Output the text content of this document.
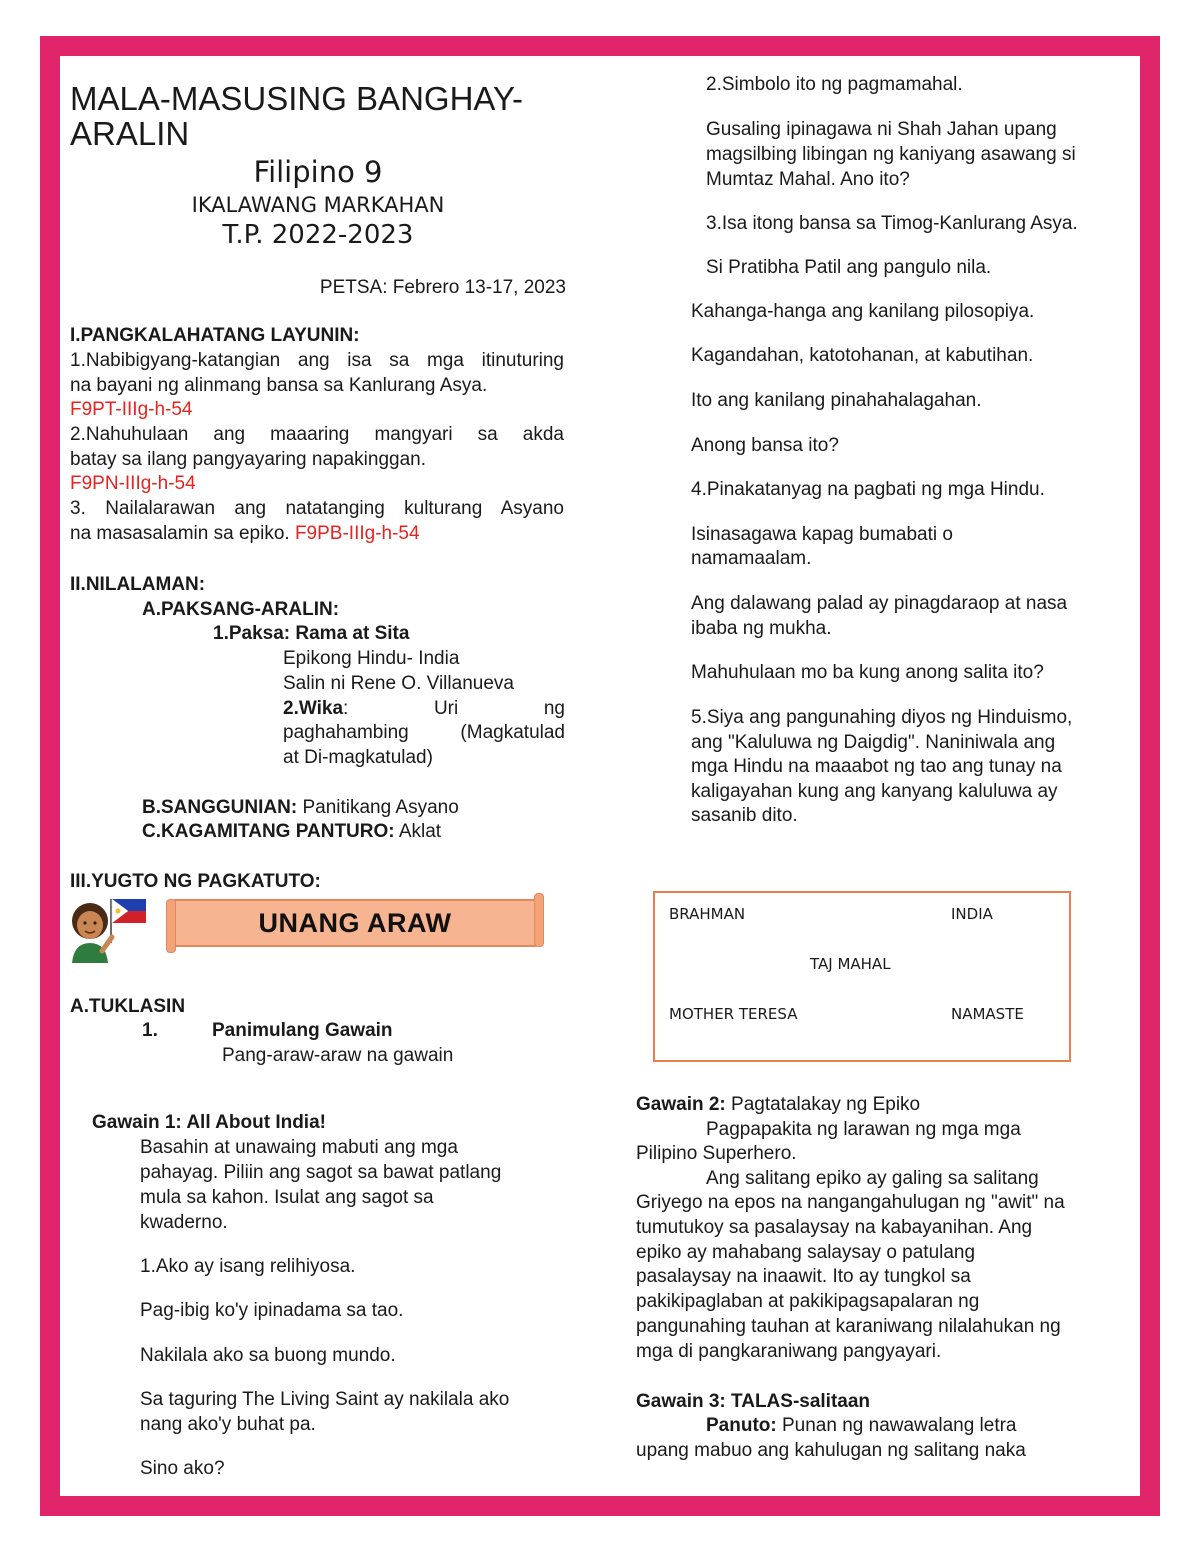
MALA-MASUSING BANGHAY-
ARALIN
Filipino 9
IKALAWANG MARKAHAN
T.P. 2022-2023
PETSA: Febrero 13-17, 2023
I.PANGKALAHATANG LAYUNIN:
1.Nabibigyang-katangian ang isa sa mga itinuturing
na bayani ng alinmang bansa sa Kanlurang Asya.
F9PT-IIIg-h-54
2.Nahuhulaan ang maaaring mangyari sa akda
batay sa ilang pangyayaring napakinggan.
F9PN-IIIg-h-54
3. Nailalarawan ang natatanging kulturang Asyano
na masasalamin sa epiko. F9PB-IIIg-h-54
II.NILALAMAN:
A.PAKSANG-ARALIN:
1.Paksa: Rama at Sita
Epikong Hindu- India
Salin ni Rene O. Villanueva
2.Wika: Uri ng
paghahambing (Magkatulad
at Di-magkatulad)
B.SANGGUNIAN: Panitikang Asyano
C.KAGAMITANG PANTURO: Aklat
III.YUGTO NG PAGKATUTO:
UNANG ARAW
A.TUKLASIN
1.	Panimulang Gawain
Pang-araw-araw na gawain
Gawain 1: All About India!
Basahin at unawaing mabuti ang mga
pahayag. Piliin ang sagot sa bawat patlang
mula sa kahon. Isulat ang sagot sa
kwaderno.
1.Ako ay isang relihiyosa.
Pag-ibig ko'y ipinadama sa tao.
Nakilala ako sa buong mundo.
Sa taguring The Living Saint ay nakilala ako
nang ako'y buhat pa.
Sino ako?
2.Simbolo ito ng pagmamahal.
Gusaling ipinagawa ni Shah Jahan upang
magsilbing libingan ng kaniyang asawang si
Mumtaz Mahal. Ano ito?
3.Isa itong bansa sa Timog-Kanlurang Asya.
Si Pratibha Patil ang pangulo nila.
Kahanga-hanga ang kanilang pilosopiya.
Kagandahan, katotohanan, at kabutihan.
Ito ang kanilang pinahahalagahan.
Anong bansa ito?
4.Pinakatanyag na pagbati ng mga Hindu.
Isinasagawa kapag bumabati o
namamaalam.
Ang dalawang palad ay pinagdaraop at nasa
ibaba ng mukha.
Mahuhulaan mo ba kung anong salita ito?
5.Siya ang pangunahing diyos ng Hinduismo,
ang "Kaluluwa ng Daigdig". Naniniwala ang
mga Hindu na maaabot ng tao ang tunay na
kaligayahan kung ang kanyang kaluluwa ay
sasanib dito.
BRAHMAN	INDIA
TAJ MAHAL
MOTHER TERESA	NAMASTE
Gawain 2: Pagtatalakay ng Epiko
Pagpapakita ng larawan ng mga mga
Pilipino Superhero.
Ang salitang epiko ay galing sa salitang
Griyego na epos na nangangahulugan ng "awit" na
tumutukoy sa pasalaysay na kabayanihan. Ang
epiko ay mahabang salaysay o patulang
pasalaysay na inaawit. Ito ay tungkol sa
pakikipaglaban at pakikipagsapalaran ng
pangunahing tauhan at karaniwang nilalahukan ng
mga di pangkaraniwang pangyayari.
Gawain 3: TALAS-salitaan
Panuto: Punan ng nawawalang letra
upang mabuo ang kahulugan ng salitang naka
